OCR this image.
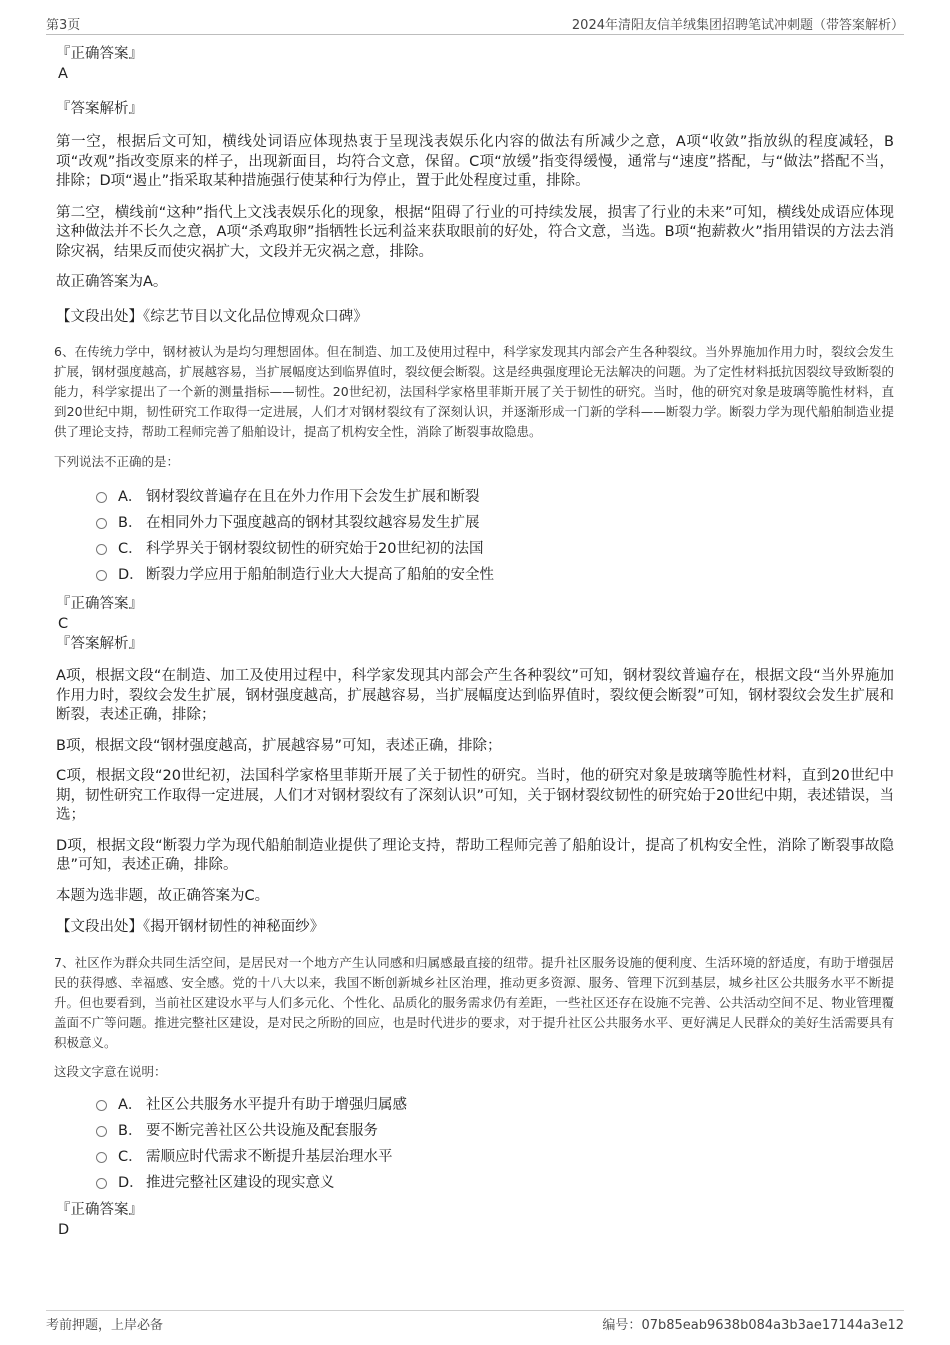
第3页	2024年清阳友信羊绒集团招聘笔试冲刺题（带答案解析）

『正确答案』

A

『答案解析』

第一空，根据后文可知，横线处词语应体现热衷于呈现浅表娱乐化内容的做法有所减少之意，A项“收敛”指放纵的程度减轻，B项“改观”指改变原来的样子，出现新面目，均符合文意，保留。C项“放缓”指变得缓慢，通常与“速度”搭配，与“做法”搭配不当，排除；D项“遏止”指采取某种措施强行使某种行为停止，置于此处程度过重，排除。

第二空，横线前“这种”指代上文浅表娱乐化的现象，根据“阻碍了行业的可持续发展，损害了行业的未来”可知，横线处成语应体现这种做法并不长久之意，A项“杀鸡取卵”指牺牲长远利益来获取眼前的好处，符合文意，当选。B项“抱薪救火”指用错误的方法去消除灾祸，结果反而使灾祸扩大，文段并无灾祸之意，排除。

故正确答案为A。

【文段出处】《综艺节目以文化品位博观众口碑》

6、在传统力学中，钢材被认为是均匀理想固体。但在制造、加工及使用过程中，科学家发现其内部会产生各种裂纹。当外界施加作用力时，裂纹会发生扩展，钢材强度越高，扩展越容易，当扩展幅度达到临界值时，裂纹便会断裂。这是经典强度理论无法解决的问题。为了定性材料抵抗因裂纹导致断裂的能力，科学家提出了一个新的测量指标——韧性。20世纪初，法国科学家格里菲斯开展了关于韧性的研究。当时，他的研究对象是玻璃等脆性材料，直到20世纪中期，韧性研究工作取得一定进展，人们才对钢材裂纹有了深刻认识，并逐渐形成一门新的学科——断裂力学。断裂力学为现代船舶制造业提供了理论支持，帮助工程师完善了船舶设计，提高了机构安全性，消除了断裂事故隐患。

下列说法不正确的是：

A． 钢材裂纹普遍存在且在外力作用下会发生扩展和断裂
B． 在相同外力下强度越高的钢材其裂纹越容易发生扩展
C． 科学界关于钢材裂纹韧性的研究始于20世纪初的法国
D． 断裂力学应用于船舶制造行业大大提高了船舶的安全性

『正确答案』

C

『答案解析』

A项，根据文段“在制造、加工及使用过程中，科学家发现其内部会产生各种裂纹”可知，钢材裂纹普遍存在，根据文段“当外界施加作用力时，裂纹会发生扩展，钢材强度越高，扩展越容易，当扩展幅度达到临界值时，裂纹便会断裂”可知，钢材裂纹会发生扩展和断裂，表述正确，排除；

B项，根据文段“钢材强度越高，扩展越容易”可知，表述正确，排除；

C项，根据文段“20世纪初，法国科学家格里菲斯开展了关于韧性的研究。当时，他的研究对象是玻璃等脆性材料，直到20世纪中期，韧性研究工作取得一定进展，人们才对钢材裂纹有了深刻认识”可知，关于钢材裂纹韧性的研究始于20世纪中期，表述错误，当选；

D项，根据文段“断裂力学为现代船舶制造业提供了理论支持，帮助工程师完善了船舶设计，提高了机构安全性，消除了断裂事故隐患”可知，表述正确，排除。

本题为选非题，故正确答案为C。

【文段出处】《揭开钢材韧性的神秘面纱》

7、社区作为群众共同生活空间，是居民对一个地方产生认同感和归属感最直接的纽带。提升社区服务设施的便利度、生活环境的舒适度，有助于增强居民的获得感、幸福感、安全感。党的十八大以来，我国不断创新城乡社区治理，推动更多资源、服务、管理下沉到基层，城乡社区公共服务水平不断提升。但也要看到，当前社区建设水平与人们多元化、个性化、品质化的服务需求仍有差距，一些社区还存在设施不完善、公共活动空间不足、物业管理覆盖面不广等问题。推进完整社区建设，是对民之所盼的回应，也是时代进步的要求，对于提升社区公共服务水平、更好满足人民群众的美好生活需要具有积极意义。

这段文字意在说明：

A． 社区公共服务水平提升有助于增强归属感
B． 要不断完善社区公共设施及配套服务
C． 需顺应时代需求不断提升基层治理水平
D． 推进完整社区建设的现实意义

『正确答案』

D

考前押题，上岸必备	编号：07b85eab9638b084a3b3ae17144a3e12
